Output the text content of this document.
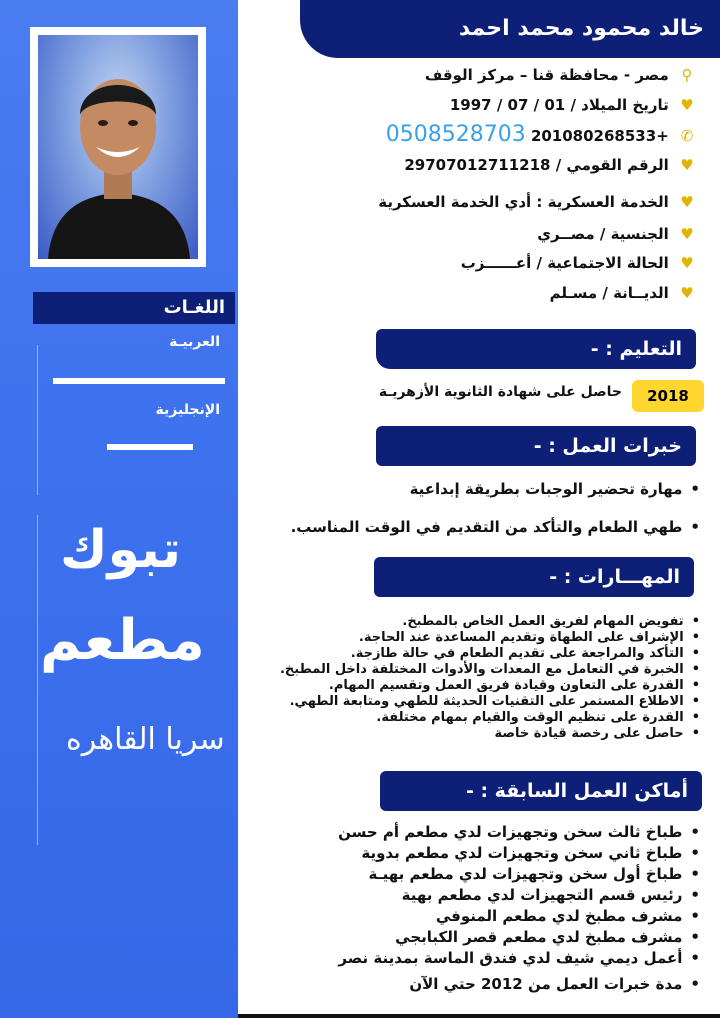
اللغـات
العربيـة
الإنجليزية
تبوك
مطعم
سريا القاهره
خالد محمود محمد احمد
⚲ مصر - محافظة قنا – مركز الوقف
♥ تاريخ الميلاد / 01 / 07 / 1997
✆ +201080268533 0508528703
♥ الرقم القومي / 29707012711218
♥ الخدمة العسكرية : أدي الخدمة العسكرية
♥ الجنسية / مصــري
♥ الحالة الاجتماعية / أعــــــزب
♥ الديــانة / مسـلم
التعليم : -
2018
حاصل على شهادة الثانوية الأزهريـة
خبرات العمل : -
• مهارة تحضير الوجبات بطريقة إبداعية
• طهي الطعام والتأكد من التقديم في الوقت المناسب.
المهـــارات : -
• تفويض المهام لفريق العمل الخاص بالمطبخ.
• الإشراف على الطهاة وتقديم المساعدة عند الحاجة.
• التأكد والمراجعة على تقديم الطعام في حالة طازجة.
• الخبرة في التعامل مع المعدات والأدوات المختلفة داخل المطبخ.
• القدرة على التعاون وقيادة فريق العمل وتقسيم المهام.
• الاطلاع المستمر على التقنيات الحديثة للطهي ومتابعة الطهي.
• القدرة على تنظيم الوقت والقيام بمهام مختلفة.
• حاصل على رخصة قيادة خاصة
أماكن العمل السابقة : -
• طباخ ثالث سخن وتجهيزات لدي مطعم أم حسن
• طباخ ثاني سخن وتجهيزات لدي مطعم بدوية
• طباخ أول سخن وتجهيزات لدي مطعم بهيـة
• رئيس قسم التجهيزات لدي مطعم بهية
• مشرف مطبخ لدي مطعم المنوفي
• مشرف مطبخ لدي مطعم قصر الكبابجي
• أعمل ديمي شيف لدي فندق الماسة بمدينة نصر
• مدة خبرات العمل من 2012 حتي الآن
